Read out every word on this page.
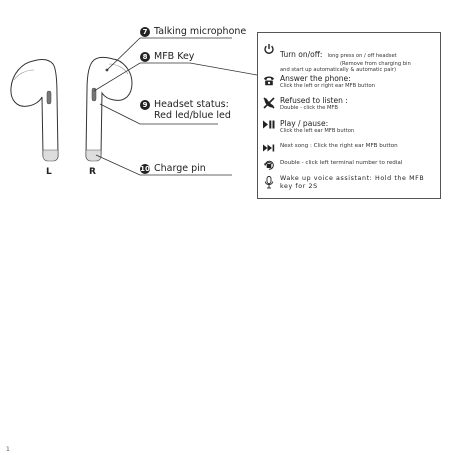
L	R
7 Talking microphone
8 MFB Key
9 Headset status:
Red led/blue led
10 Charge pin
Turn on/off: long press on / off headset
(Remove from charging bin
and start up automatically & automatic pair)
Answer the phone:
Click the left or right ear MFB button
Refused to listen :
Double - click the MFB
Play / pause:
Click the left ear MFB button
Next song : Click the right ear MFB button
Double - click left terminal number to redial
Wake up voice assistant: Hold the MFB
key for 2S
1
